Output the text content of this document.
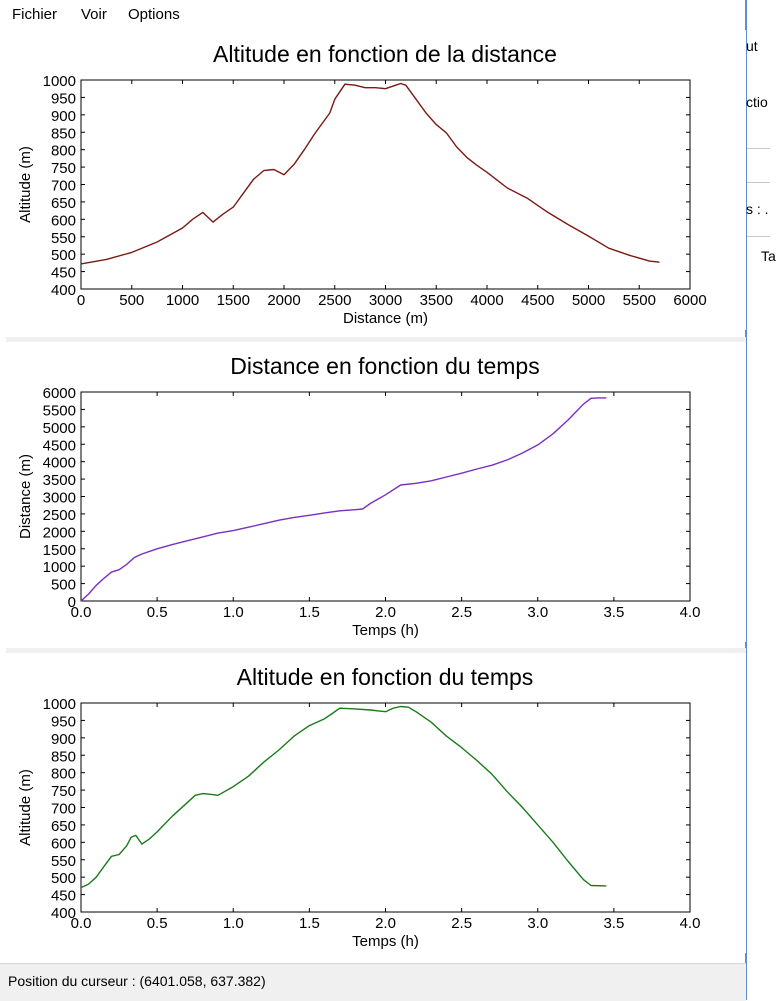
Fichier Voir Options
ut
ctio
s : .
Ta
Altitude en fonction de la distance
400
450
500
550
600
650
700
750
800
850
900
950
1000
0 500 1000 1500 2000 2500 3000 3500 4000 4500 5000 5500 6000
Distance (m)
Altitude (m)
Distance en fonction du temps
0
500
1000
1500
2000
2500
3000
3500
4000
4500
5000
5500
6000
0.0	0.5	1.0	1.5	2.0	2.5	3.0	3.5	4.0
Temps (h)
Distance (m)
Altitude en fonction du temps
400
450
500
550
600
650
700
750
800
850
900
950
1000
0.0	0.5	1.0	1.5	2.0	2.5	3.0	3.5	4.0
Temps (h)
Altitude (m)
Position du curseur : (6401.058, 637.382)
